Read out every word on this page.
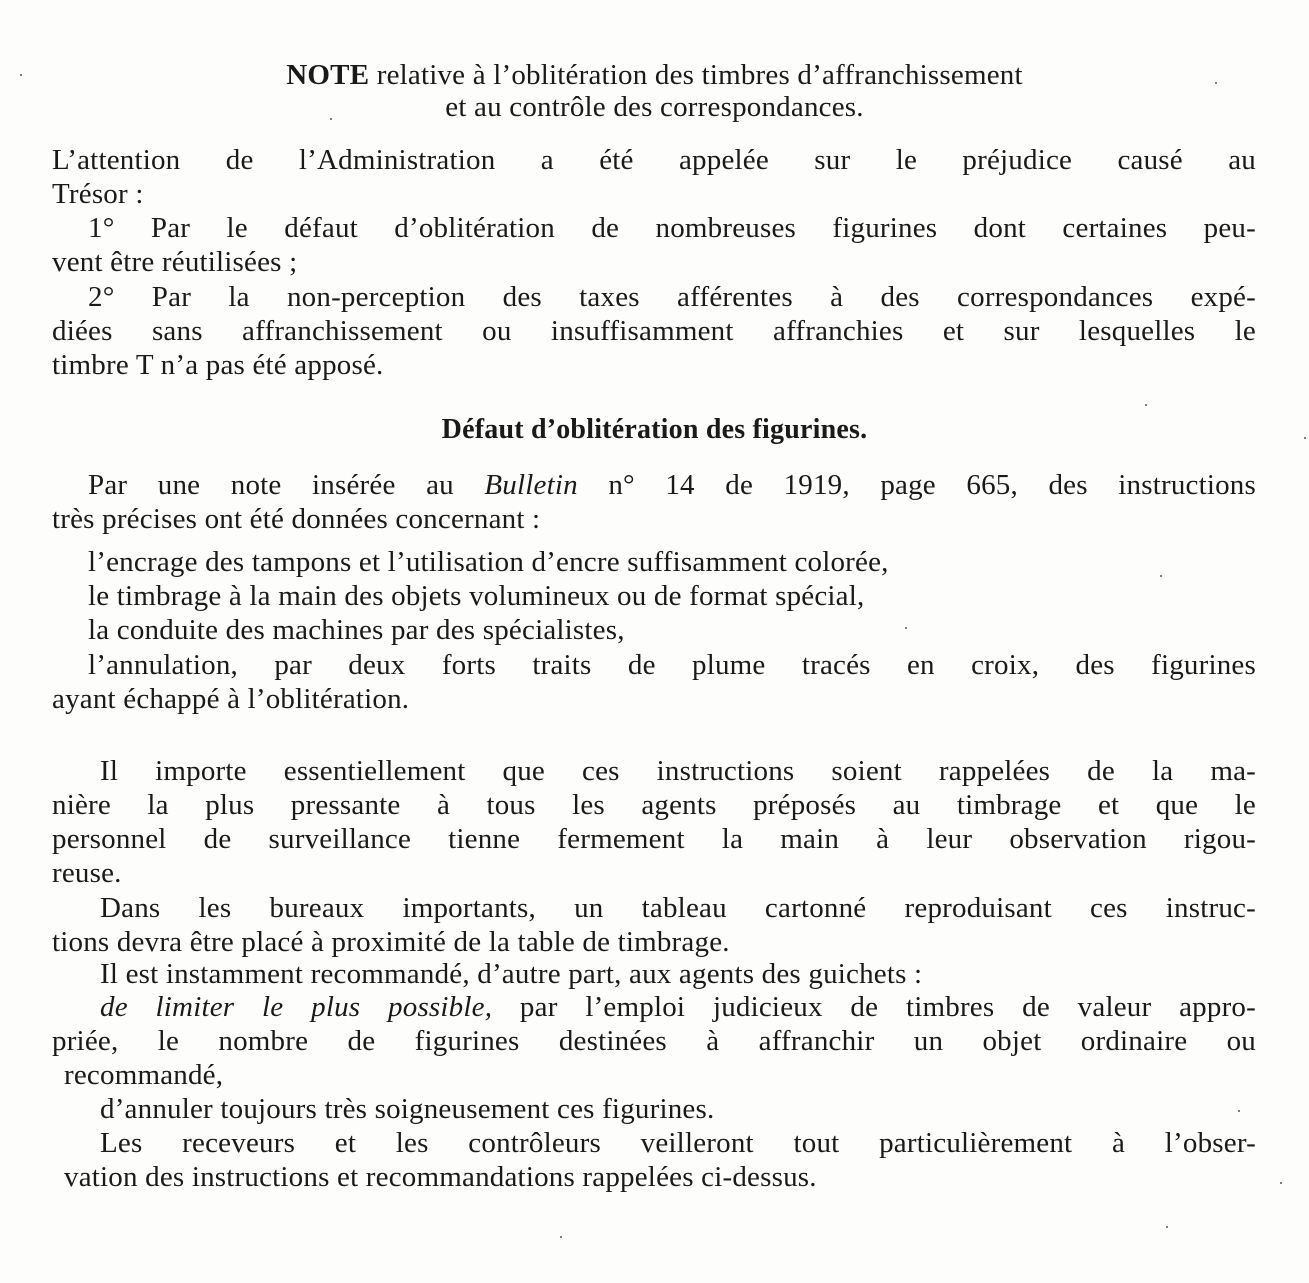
NOTE relative à l’oblitération des timbres d’affranchissement
et au contrôle des correspondances.
L’attention de l’Administration a été appelée sur le préjudice causé au
Trésor :
1° Par le défaut d’oblitération de nombreuses figurines dont certaines peu-
vent être réutilisées ;
2° Par la non-perception des taxes afférentes à des correspondances expé-
diées sans affranchissement ou insuffisamment affranchies et sur lesquelles le
timbre T n’a pas été apposé.
Défaut d’oblitération des figurines.
Par une note insérée au Bulletin n° 14 de 1919, page 665, des instructions
très précises ont été données concernant :
l’encrage des tampons et l’utilisation d’encre suffisamment colorée,
le timbrage à la main des objets volumineux ou de format spécial,
la conduite des machines par des spécialistes,
l’annulation, par deux forts traits de plume tracés en croix, des figurines
ayant échappé à l’oblitération.
Il importe essentiellement que ces instructions soient rappelées de la ma-
nière la plus pressante à tous les agents préposés au timbrage et que le
personnel de surveillance tienne fermement la main à leur observation rigou-
reuse.
Dans les bureaux importants, un tableau cartonné reproduisant ces instruc-
tions devra être placé à proximité de la table de timbrage.
Il est instamment recommandé, d’autre part, aux agents des guichets :
de limiter le plus possible, par l’emploi judicieux de timbres de valeur appro-
priée, le nombre de figurines destinées à affranchir un objet ordinaire ou
recommandé,
d’annuler toujours très soigneusement ces figurines.
Les receveurs et les contrôleurs veilleront tout particulièrement à l’obser-
vation des instructions et recommandations rappelées ci-dessus.
